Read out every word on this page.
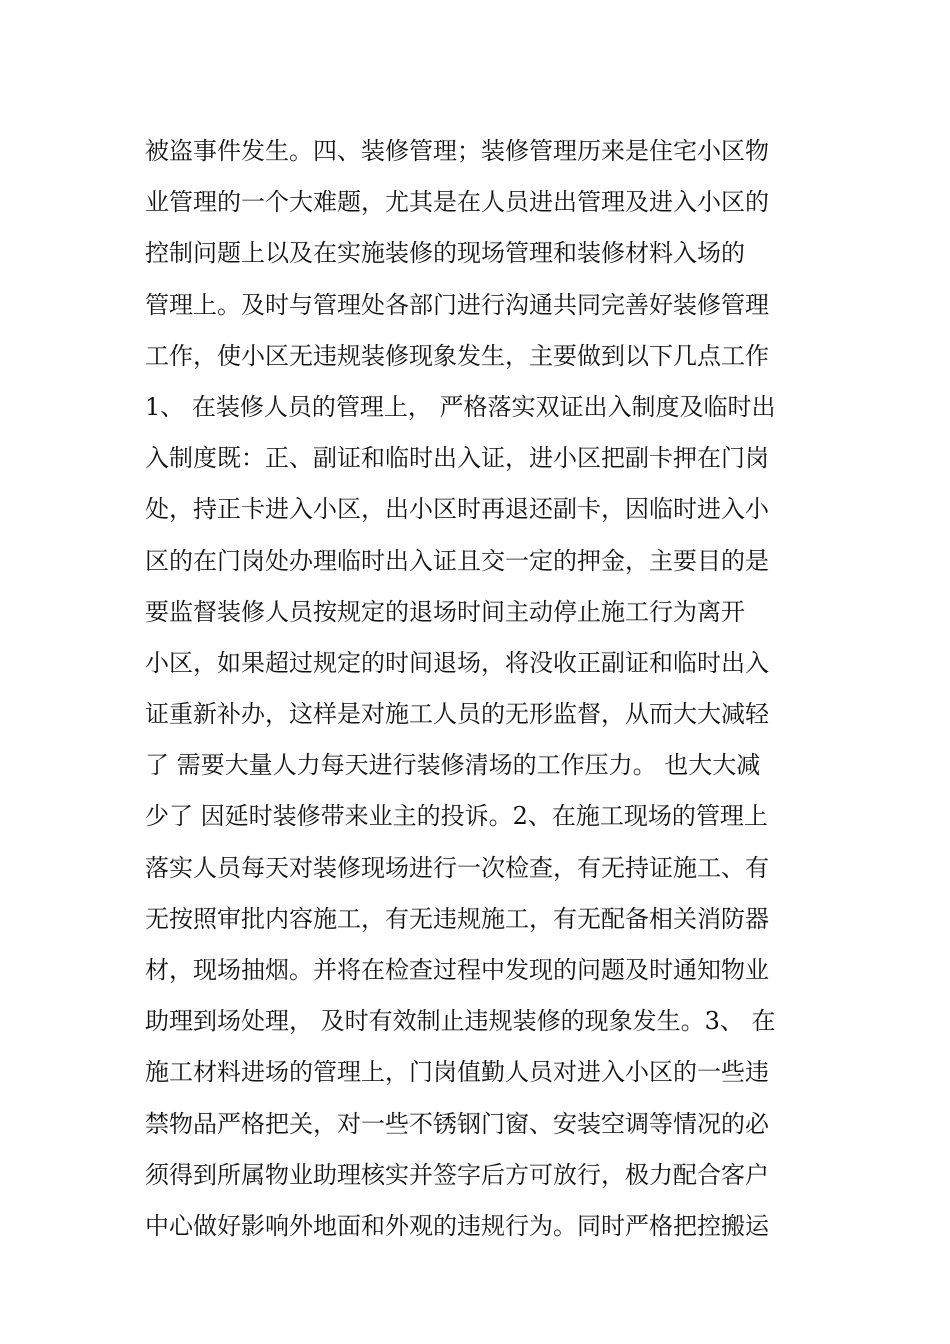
被盗事件发生。四、装修管理；装修管理历来是住宅小区物
业管理的一个大难题，尤其是在人员进出管理及进入小区的
控制问题上以及在实施装修的现场管理和装修材料入场的
管理上。及时与管理处各部门进行沟通共同完善好装修管理
工作，使小区无违规装修现象发生，主要做到以下几点工作
1、 在装修人员的管理上， 严格落实双证出入制度及临时出
入制度既：正、副证和临时出入证，进小区把副卡押在门岗
处，持正卡进入小区，出小区时再退还副卡，因临时进入小
区的在门岗处办理临时出入证且交一定的押金，主要目的是
要监督装修人员按规定的退场时间主动停止施工行为离开
小区，如果超过规定的时间退场，将没收正副证和临时出入
证重新补办，这样是对施工人员的无形监督，从而大大减轻
了 需要大量人力每天进行装修清场的工作压力。 也大大减
少了 因延时装修带来业主的投诉。2、在施工现场的管理上
落实人员每天对装修现场进行一次检查，有无持证施工、有
无按照审批内容施工，有无违规施工，有无配备相关消防器
材，现场抽烟。并将在检查过程中发现的问题及时通知物业
助理到场处理， 及时有效制止违规装修的现象发生。3、 在
施工材料进场的管理上，门岗值勤人员对进入小区的一些违
禁物品严格把关，对一些不锈钢门窗、安装空调等情况的必
须得到所属物业助理核实并签字后方可放行，极力配合客户
中心做好影响外地面和外观的违规行为。同时严格把控搬运
